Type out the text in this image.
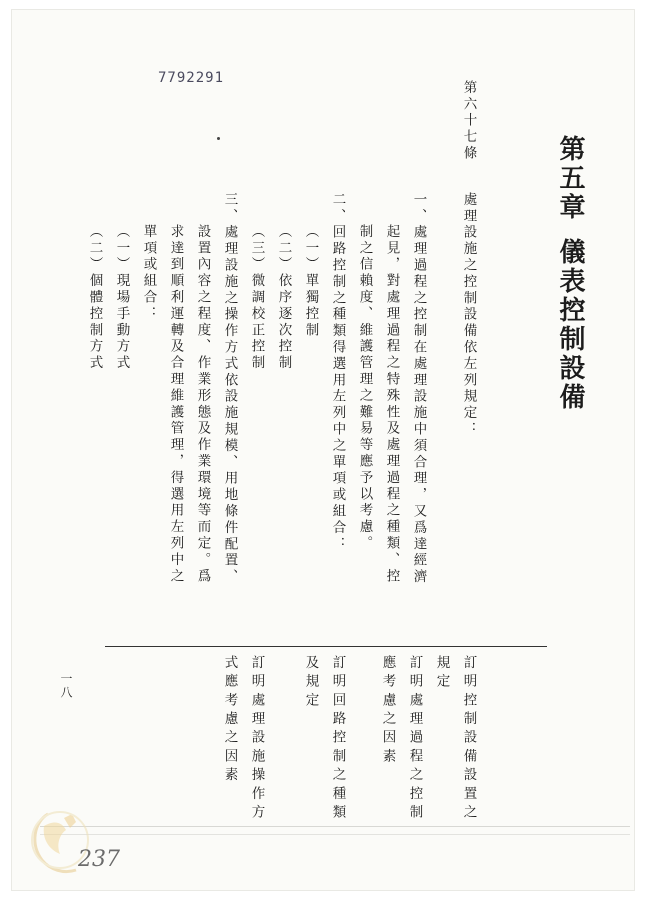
7792291
第五章
儀表控制設備
第六十七條
處理設施之控制設備依左列規定：
一、處理過程之控制在處理設施中須合理，又爲達經濟
起見，對處理過程之特殊性及處理過程之種類、控
制之信賴度、維護管理之難易等應予以考慮。
二、回路控制之種類得選用左列中之單項或組合：
（一）單獨控制
（二）依序逐次控制
（三）微調校正控制
三、處理設施之操作方式依設施規模、用地條件配置、
設置內容之程度、作業形態及作業環境等而定。爲
求達到順利運轉及合理維護管理，得選用左列中之
單項或組合：
（一）現場手動方式
（二）個體控制方式
訂明控制設備設置之
規定
訂明處理過程之控制
應考慮之因素
訂明回路控制之種類
及規定
訂明處理設施操作方
式應考慮之因素
一八
237
